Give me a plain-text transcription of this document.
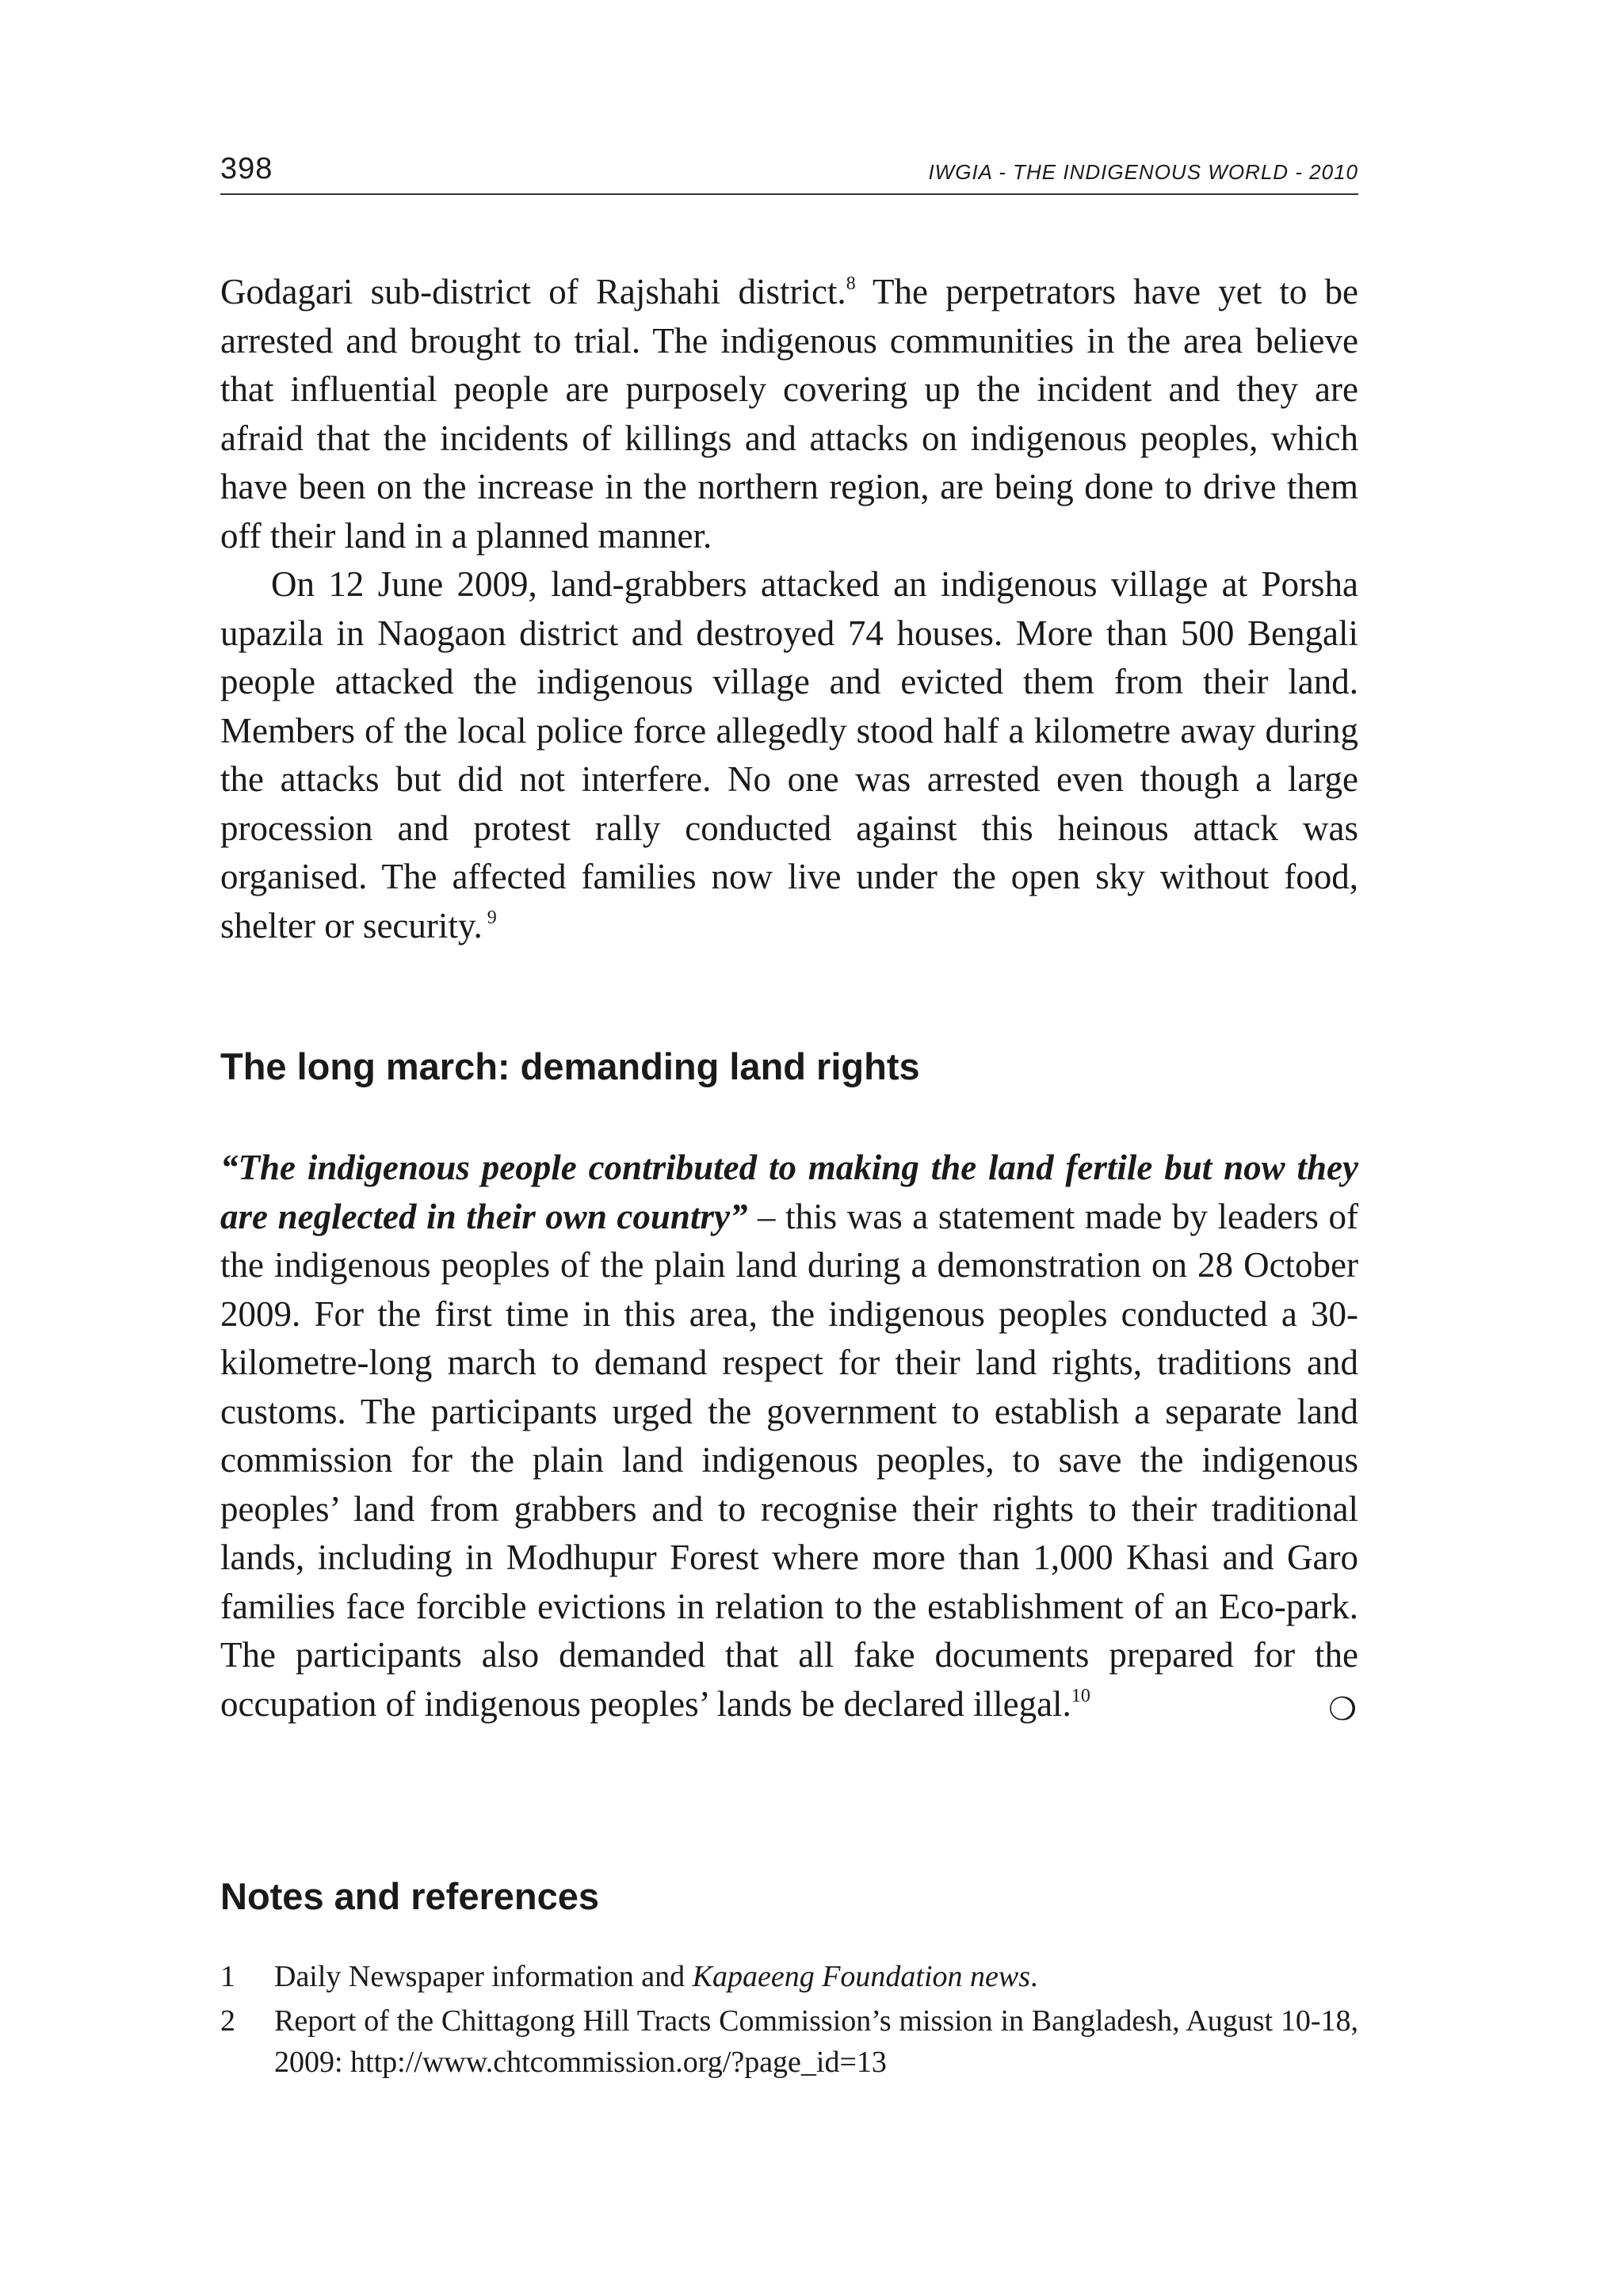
398	IWGIA - THE INDIGENOUS WORLD - 2010

Godagari sub-district of Rajshahi district.$^8$ The perpetrators have yet to be arrested and brought to trial. The indigenous communities in the area believe that influential people are purposely covering up the incident and they are afraid that the incidents of killings and attacks on indigenous peoples, which have been on the increase in the northern region, are being done to drive them off their land in a planned manner.

On 12 June 2009, land-grabbers attacked an indigenous village at Porsha upazila in Naogaon district and destroyed 74 houses. More than 500 Bengali people attacked the indigenous village and evicted them from their land. Members of the local police force allegedly stood half a kilometre away during the attacks but did not interfere. No one was arrested even though a large procession and protest rally conducted against this heinous attack was organised. The affected families now live under the open sky without food, shelter or security. $^9$

The long march: demanding land rights

“The indigenous people contributed to making the land fertile but now they are neglected in their own country” – this was a statement made by leaders of the indigenous peoples of the plain land during a demonstration on 28 October 2009. For the first time in this area, the indigenous peoples conducted a 30-kilometre-long march to demand respect for their land rights, traditions and customs. The participants urged the government to establish a separate land commission for the plain land indigenous peoples, to save the indigenous peoples’ land from grabbers and to recognise their rights to their traditional lands, including in Modhupur Forest where more than 1,000 Khasi and Garo families face forcible evictions in relation to the establishment of an Eco-park. The participants also demanded that all fake documents prepared for the occupation of indigenous peoples’ lands be declared illegal.$^{10}$	❍
Notes and references
1	Daily Newspaper information and Kapaeeng Foundation news.
2	Report of the Chittagong Hill Tracts Commission’s mission in Bangladesh, August 10-18, 2009: http://www.chtcommission.org/?page_id=13
